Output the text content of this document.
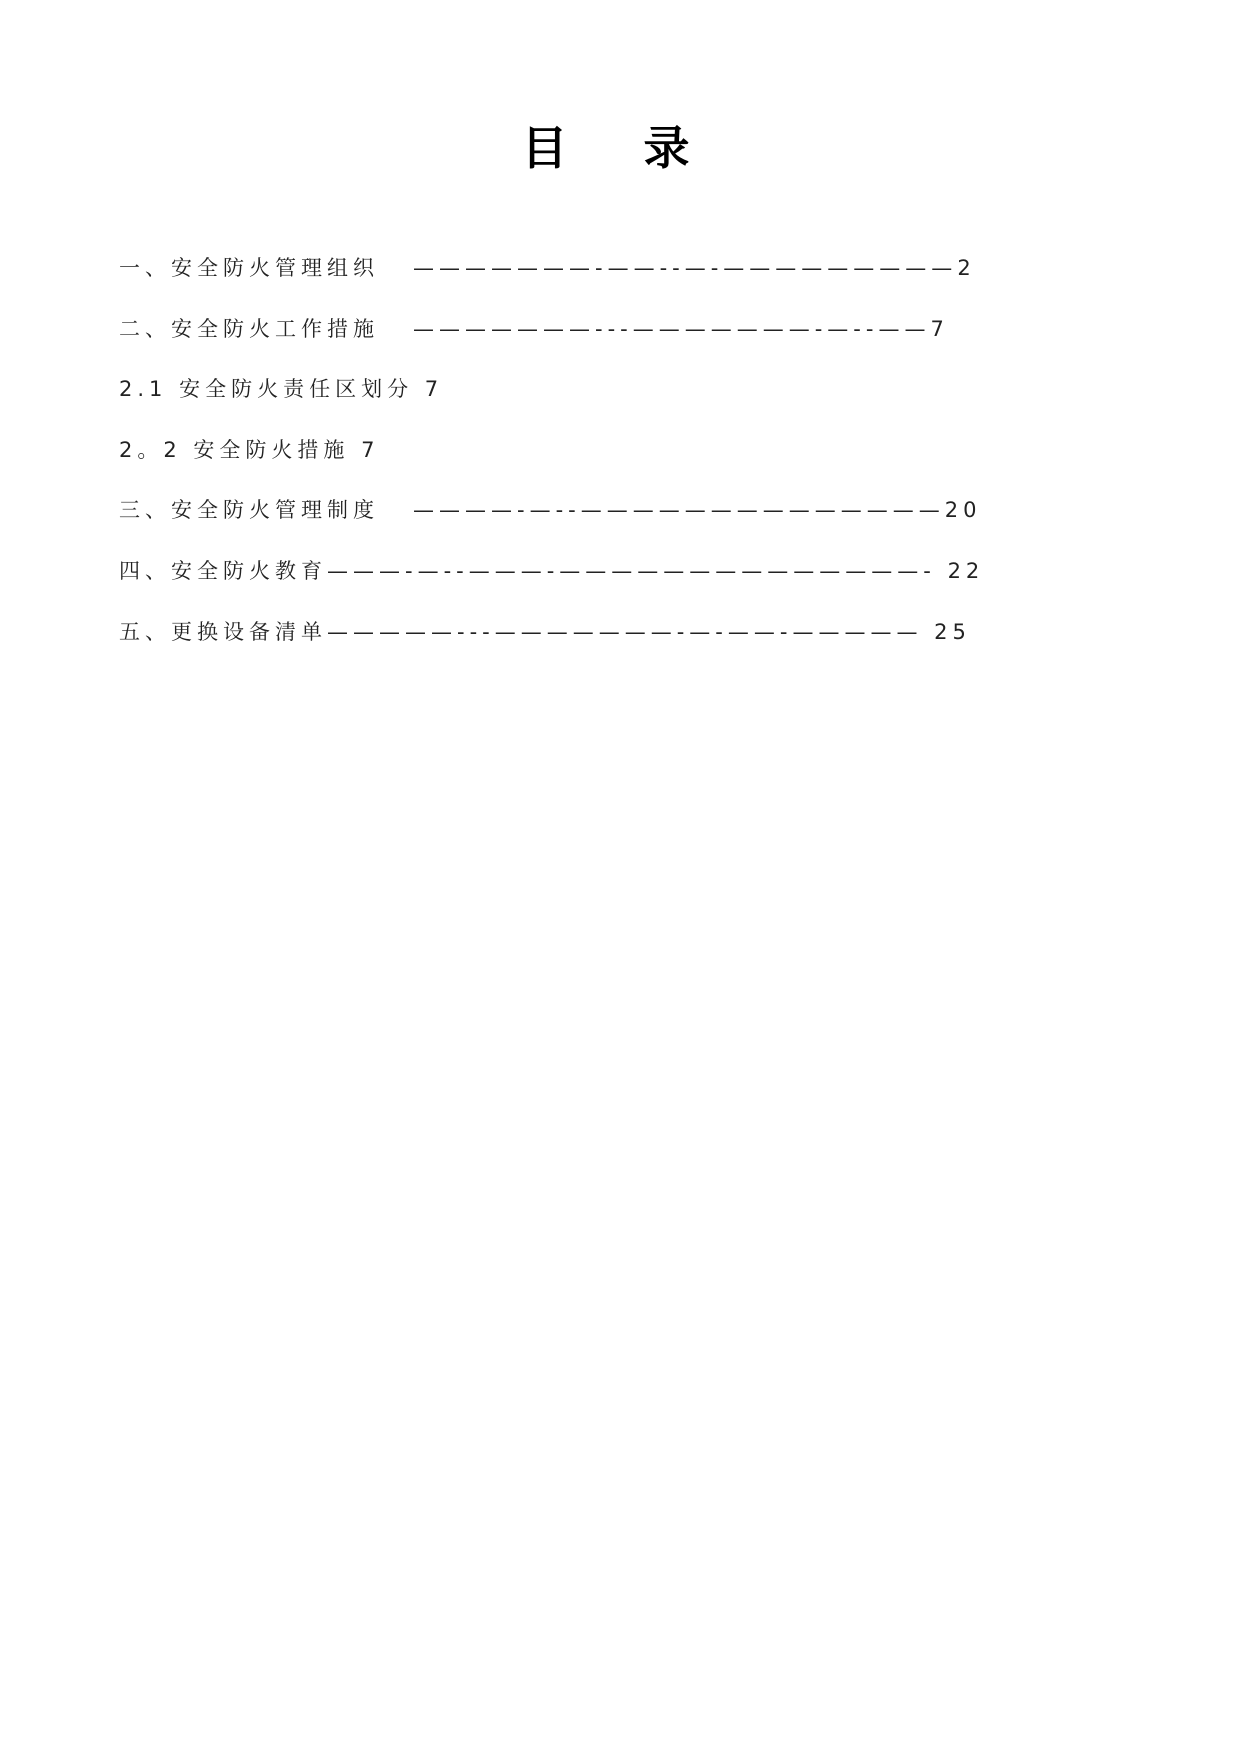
目 录
一、安全防火管理组织 ———————-——--—-—————————2
二、安全防火工作措施 ———————---———————-—--——7
2.1 安全防火责任区划分 7
2。2 安全防火措施 7
三、安全防火管理制度 ————-—--——————————————20
四、安全防火教育———-—--———-——————————————- 22
五、更换设备清单—————---———————-—-——-————— 25
